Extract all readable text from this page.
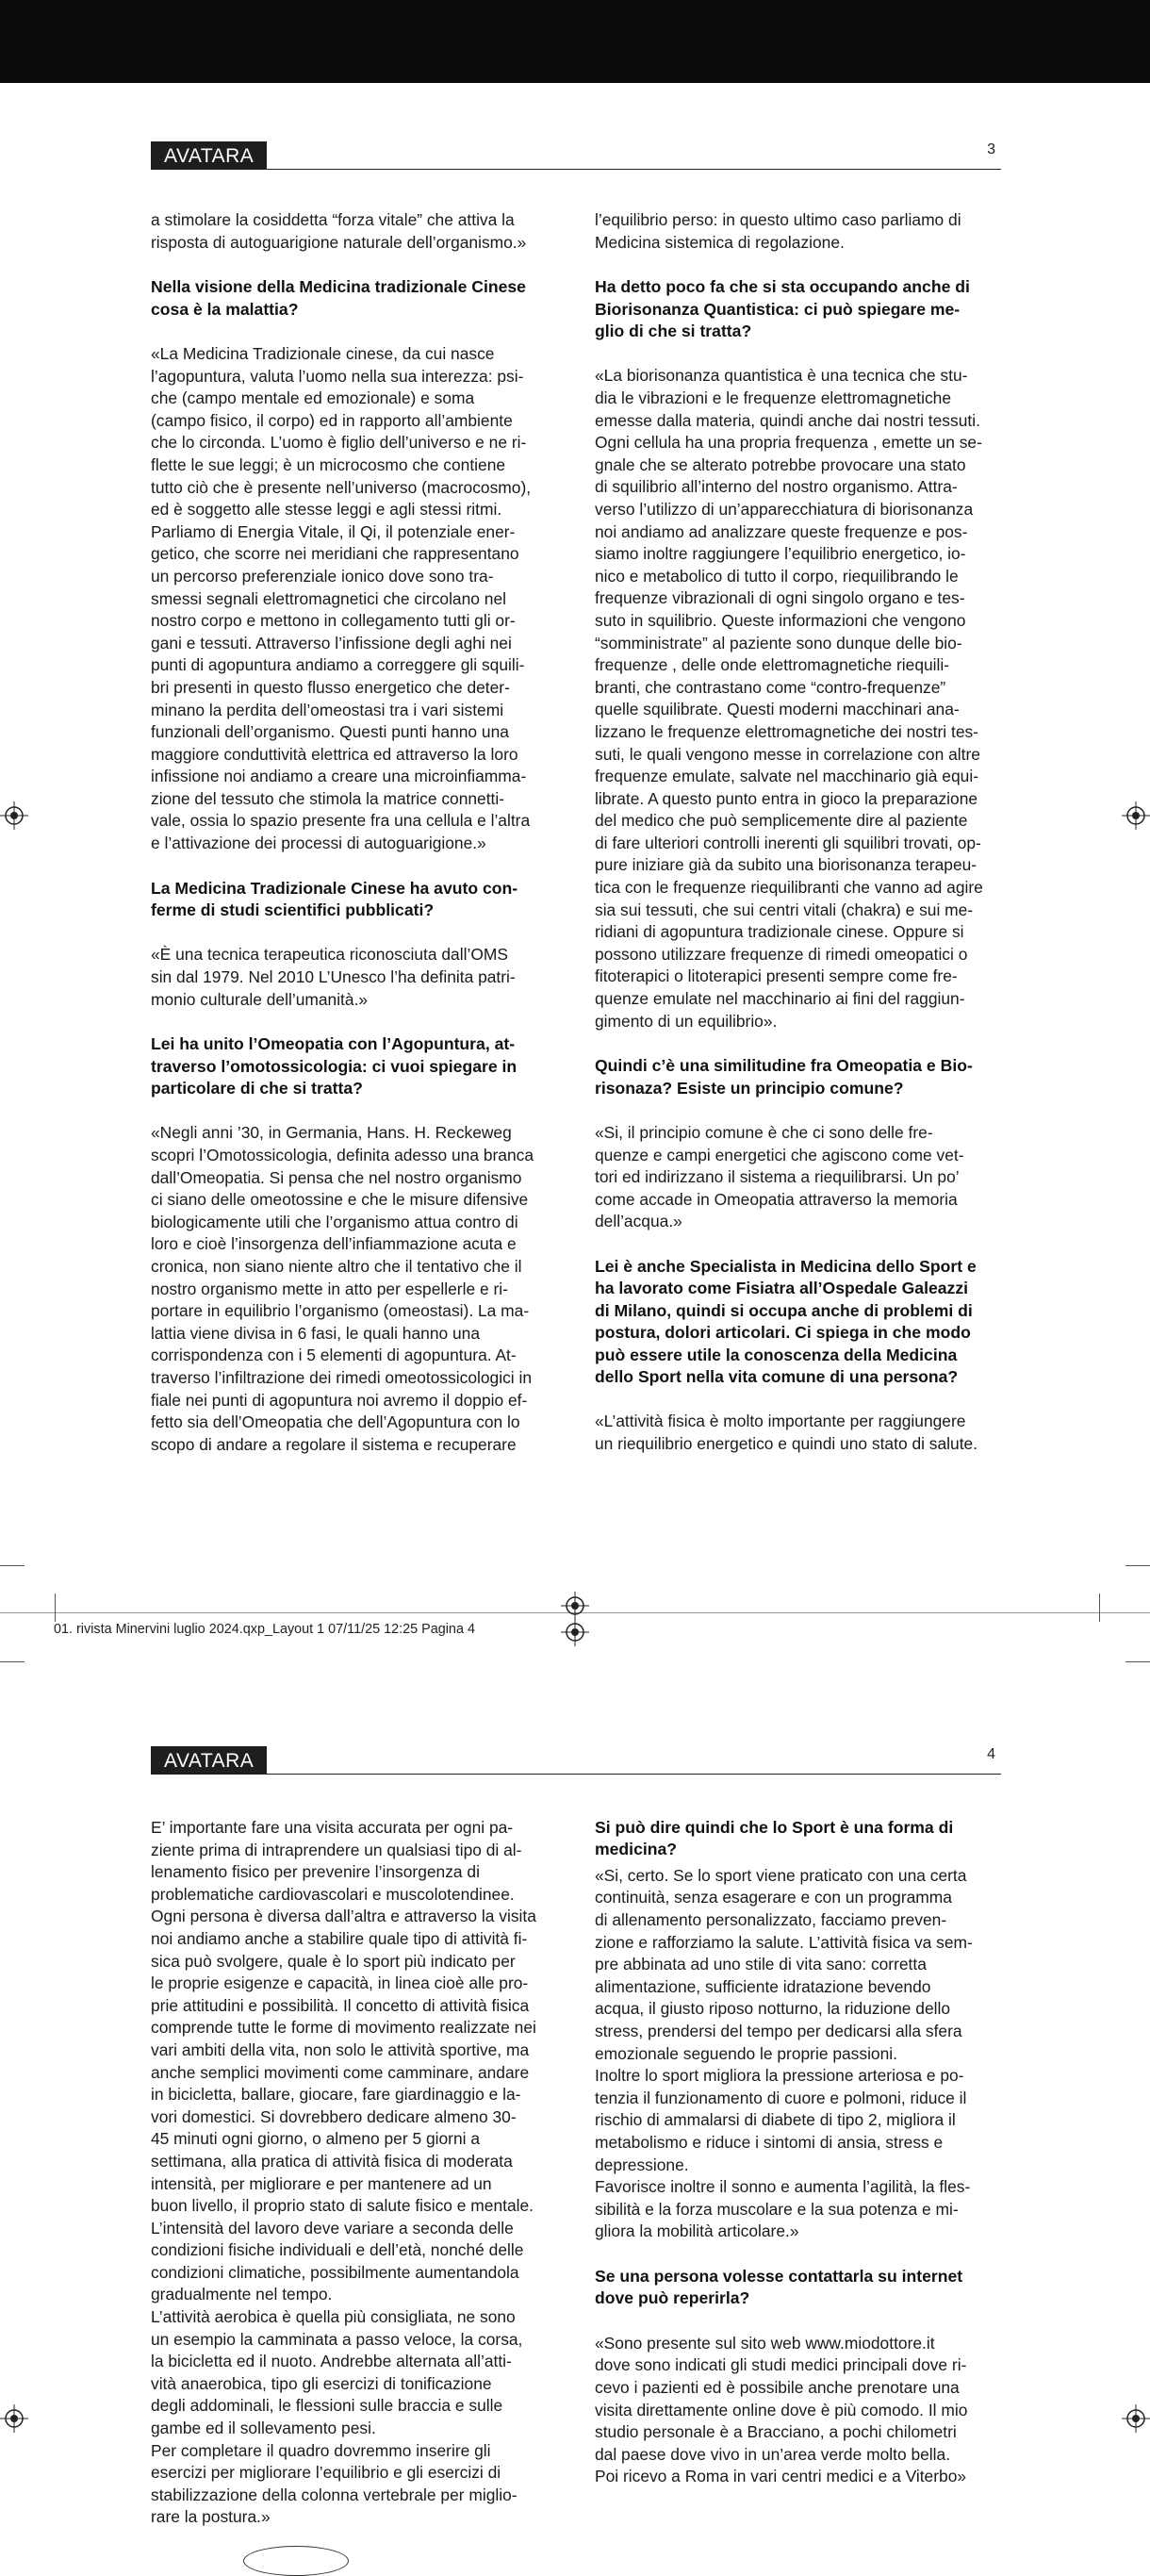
AVATARA	3

a stimolare la cosiddetta “forza vitale” che attiva la
risposta di autoguarigione naturale dell’organismo.»

Nella visione della Medicina tradizionale Cinese
cosa è la malattia?

«La Medicina Tradizionale cinese, da cui nasce
l’agopuntura, valuta l’uomo nella sua interezza: psi-
che (campo mentale ed emozionale) e soma
(campo fisico, il corpo) ed in rapporto all’ambiente
che lo circonda. L’uomo è figlio dell’universo e ne ri-
flette le sue leggi; è un microcosmo che contiene
tutto ciò che è presente nell’universo (macrocosmo),
ed è soggetto alle stesse leggi e agli stessi ritmi.
Parliamo di Energia Vitale, il Qi, il potenziale ener-
getico, che scorre nei meridiani che rappresentano
un percorso preferenziale ionico dove sono tra-
smessi segnali elettromagnetici che circolano nel
nostro corpo e mettono in collegamento tutti gli or-
gani e tessuti. Attraverso l’infissione degli aghi nei
punti di agopuntura andiamo a correggere gli squili-
bri presenti in questo flusso energetico che deter-
minano la perdita dell’omeostasi tra i vari sistemi
funzionali dell’organismo. Questi punti hanno una
maggiore conduttività elettrica ed attraverso la loro
infissione noi andiamo a creare una microinfiamma-
zione del tessuto che stimola la matrice connetti-
vale, ossia lo spazio presente fra una cellula e l’altra
e l’attivazione dei processi di autoguarigione.»

La Medicina Tradizionale Cinese ha avuto con-
ferme di studi scientifici pubblicati?

«È una tecnica terapeutica riconosciuta dall’OMS
sin dal 1979. Nel 2010 L’Unesco l’ha definita patri-
monio culturale dell’umanità.»

Lei ha unito l’Omeopatia con l’Agopuntura, at-
traverso l’omotossicologia: ci vuoi spiegare in
particolare di che si tratta?

«Negli anni ’30, in Germania, Hans. H. Reckeweg
scopri l’Omotossicologia, definita adesso una branca
dall’Omeopatia. Si pensa che nel nostro organismo
ci siano delle omeotossine e che le misure difensive
biologicamente utili che l’organismo attua contro di
loro e cioè l’insorgenza dell’infiammazione acuta e
cronica, non siano niente altro che il tentativo che il
nostro organismo mette in atto per espellerle e ri-
portare in equilibrio l’organismo (omeostasi). La ma-
lattia viene divisa in 6 fasi, le quali hanno una
corrispondenza con i 5 elementi di agopuntura. At-
traverso l’infiltrazione dei rimedi omeotossicologici in
fiale nei punti di agopuntura noi avremo il doppio ef-
fetto sia dell’Omeopatia che dell’Agopuntura con lo
scopo di andare a regolare il sistema e recuperare

l’equilibrio perso: in questo ultimo caso parliamo di
Medicina sistemica di regolazione.

Ha detto poco fa che si sta occupando anche di
Biorisonanza Quantistica: ci può spiegare me-
glio di che si tratta?

«La biorisonanza quantistica è una tecnica che stu-
dia le vibrazioni e le frequenze elettromagnetiche
emesse dalla materia, quindi anche dai nostri tessuti.
Ogni cellula ha una propria frequenza , emette un se-
gnale che se alterato potrebbe provocare una stato
di squilibrio all’interno del nostro organismo. Attra-
verso l’utilizzo di un’apparecchiatura di biorisonanza
noi andiamo ad analizzare queste frequenze e pos-
siamo inoltre raggiungere l’equilibrio energetico, io-
nico e metabolico di tutto il corpo, riequilibrando le
frequenze vibrazionali di ogni singolo organo e tes-
suto in squilibrio. Queste informazioni che vengono
“somministrate” al paziente sono dunque delle bio-
frequenze , delle onde elettromagnetiche riequili-
branti, che contrastano come “contro-frequenze”
quelle squilibrate. Questi moderni macchinari ana-
lizzano le frequenze elettromagnetiche dei nostri tes-
suti, le quali vengono messe in correlazione con altre
frequenze emulate, salvate nel macchinario già equi-
librate. A questo punto entra in gioco la preparazione
del medico che può semplicemente dire al paziente
di fare ulteriori controlli inerenti gli squilibri trovati, op-
pure iniziare già da subito una biorisonanza terapeu-
tica con le frequenze riequilibranti che vanno ad agire
sia sui tessuti, che sui centri vitali (chakra) e sui me-
ridiani di agopuntura tradizionale cinese. Oppure si
possono utilizzare frequenze di rimedi omeopatici o
fitoterapici o litoterapici presenti sempre come fre-
quenze emulate nel macchinario ai fini del raggiun-
gimento di un equilibrio».

Quindi c’è una similitudine fra Omeopatia e Bio-
risonaza? Esiste un principio comune?

«Si, il principio comune è che ci sono delle fre-
quenze e campi energetici che agiscono come vet-
tori ed indirizzano il sistema a riequilibrarsi. Un po’
come accade in Omeopatia attraverso la memoria
dell’acqua.»

Lei è anche Specialista in Medicina dello Sport e
ha lavorato come Fisiatra all’Ospedale Galeazzi
di Milano, quindi si occupa anche di problemi di
postura, dolori articolari. Ci spiega in che modo
può essere utile la conoscenza della Medicina
dello Sport nella vita comune di una persona?

«L’attività fisica è molto importante per raggiungere
un riequilibrio energetico e quindi uno stato di salute.

01. rivista Minervini luglio 2024.qxp_Layout 1 07/11/25 12:25 Pagina 4
AVATARA	4

E’ importante fare una visita accurata per ogni pa-
ziente prima di intraprendere un qualsiasi tipo di al-
lenamento fisico per prevenire l’insorgenza di
problematiche cardiovascolari e muscolotendinee.
Ogni persona è diversa dall’altra e attraverso la visita
noi andiamo anche a stabilire quale tipo di attività fi-
sica può svolgere, quale è lo sport più indicato per
le proprie esigenze e capacità, in linea cioè alle pro-
prie attitudini e possibilità. Il concetto di attività fisica
comprende tutte le forme di movimento realizzate nei
vari ambiti della vita, non solo le attività sportive, ma
anche semplici movimenti come camminare, andare
in bicicletta, ballare, giocare, fare giardinaggio e la-
vori domestici. Si dovrebbero dedicare almeno 30-
45 minuti ogni giorno, o almeno per 5 giorni a
settimana, alla pratica di attività fisica di moderata
intensità, per migliorare e per mantenere ad un
buon livello, il proprio stato di salute fisico e mentale.
L’intensità del lavoro deve variare a seconda delle
condizioni fisiche individuali e dell’età, nonché delle
condizioni climatiche, possibilmente aumentandola
gradualmente nel tempo.
L’attività aerobica è quella più consigliata, ne sono
un esempio la camminata a passo veloce, la corsa,
la bicicletta ed il nuoto. Andrebbe alternata all’atti-
vità anaerobica, tipo gli esercizi di tonificazione
degli addominali, le flessioni sulle braccia e sulle
gambe ed il sollevamento pesi.
Per completare il quadro dovremmo inserire gli
esercizi per migliorare l’equilibrio e gli esercizi di
stabilizzazione della colonna vertebrale per miglio-
rare la postura.»

Si può dire quindi che lo Sport è una forma di
medicina?

«Si, certo. Se lo sport viene praticato con una certa
continuità, senza esagerare e con un programma
di allenamento personalizzato, facciamo preven-
zione e rafforziamo la salute. L’attività fisica va sem-
pre abbinata ad uno stile di vita sano: corretta
alimentazione, sufficiente idratazione bevendo
acqua, il giusto riposo notturno, la riduzione dello
stress, prendersi del tempo per dedicarsi alla sfera
emozionale seguendo le proprie passioni.
Inoltre lo sport migliora la pressione arteriosa e po-
tenzia il funzionamento di cuore e polmoni, riduce il
rischio di ammalarsi di diabete di tipo 2, migliora il
metabolismo e riduce i sintomi di ansia, stress e
depressione.
Favorisce inoltre il sonno e aumenta l’agilità, la fles-
sibilità e la forza muscolare e la sua potenza e mi-
gliora la mobilità articolare.»

Se una persona volesse contattarla su internet
dove può reperirla?

«Sono presente sul sito web www.miodottore.it
dove sono indicati gli studi medici principali dove ri-
cevo i pazienti ed è possibile anche prenotare una
visita direttamente online dove è più comodo. Il mio
studio personale è a Bracciano, a pochi chilometri
dal paese dove vivo in un’area verde molto bella.
Poi ricevo a Roma in vari centri medici e a Viterbo»
